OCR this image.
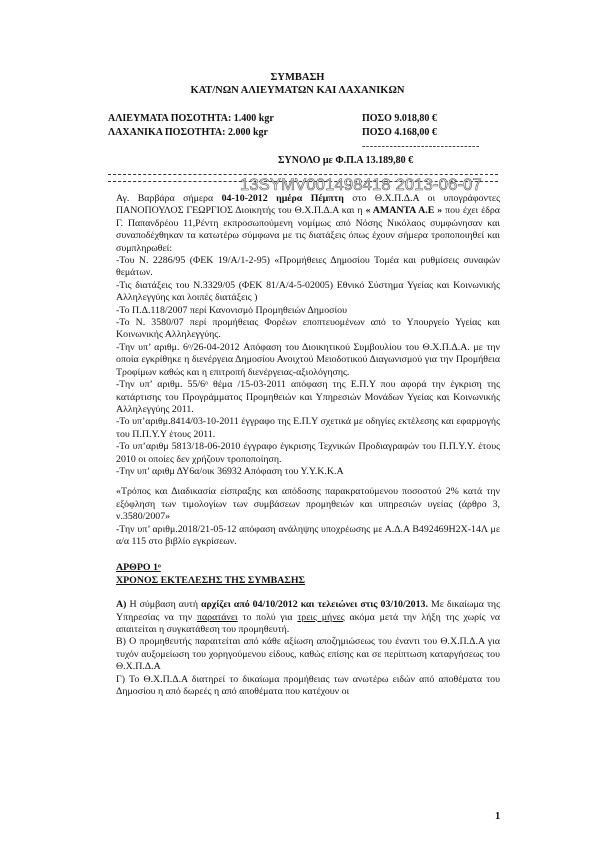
ΣΥΜΒΑΣΗ
ΚΑΤ/ΝΩΝ ΑΛΙΕΥΜΑΤΩΝ ΚΑΙ ΛΑΧΑΝΙΚΩΝ
ΑΛΙΕΥΜΑΤΑ ΠΟΣΟΤΗΤΑ: 1.400 kgr	ΠΟΣΟ 9.018,80 €
ΛΑΧΑΝΙΚΑ ΠΟΣΟΤΗΤΑ: 2.000 kgr	ΠΟΣΟ 4.168,00 €
------------------------------
ΣΥΝΟΛΟ με Φ.Π.Α 13.189,80 €
13SYMV001498418 2013-06-07

Αγ. Βαρβάρα σήμερα 04-10-2012 ημέρα Πέμπτη στο Θ.Χ.Π.Δ.Α οι υπογράφοντες ΠΑΝΟΠΟΥΛΟΣ ΓΕΩΡΓΙΟΣ Διοικητής του Θ.Χ.Π.Δ.Α και η « ΑΜΑΝΤΑ Α.Ε » που έχει έδρα Γ. Παπανδρέου 11,Ρέντη εκπροσωπούμενη νομίμως από Νόσης Νικόλαος συμφώνησαν και συναποδέχθηκαν τα κατωτέρω σύμφωνα με τις διατάξεις όπως έχουν σήμερα τροποποιηθεί και συμπληρωθεί:

-Του Ν. 2286/95 (ΦΕΚ 19/Α/1-2-95) «Προμήθειες Δημοσίου Τομέα και ρυθμίσεις συναφών θεμάτων.

-Τις διατάξεις του Ν.3329/05 (ΦΕΚ 81/Α/4-5-02005) Εθνικό Σύστημα Υγείας και Κοινωνικής Αλληλεγγύης και λοιπές διατάξεις )

-Το Π.Δ.118/2007 περί Κανονισμό Προμηθειών Δημοσίου

-Το Ν. 3580/07 περί προμήθειας Φορέων εποπτευομένων από το Υπουργείο Υγείας και Κοινωνικής Αλληλεγγύης.

-Την υπ’ αριθμ. 6ᵒ/26-04-2012 Απόφαση του Διοικητικού Συμβουλίου του Θ.Χ.Π.Δ.Α. με την οποία εγκρίθηκε η διενέργεια Δημοσίου Ανοιχτού Μειοδοτικού Διαγωνισμού για την Προμήθεια Τροφίμων καθώς και η επιτροπή διενέργειας-αξιολόγησης.

-Την υπ’ αριθμ. 55/6ᵒ θέμα /15-03-2011 απόφαση της Ε.Π.Υ που αφορά την έγκριση της κατάρτισης του Προγράμματος Προμηθειών και Υπηρεσιών Μονάδων Υγείας και Κοινωνικής Αλληλεγγύης 2011.

-Το υπ’αριθμ.8414/03-10-2011 έγγραφο της Ε.Π.Υ σχετικά με οδηγίες εκτέλεσης και εφαρμογής του Π.Π.Υ.Υ έτους 2011.

-Το υπ’αριθμ 5813/18-06-2010 έγγραφο έγκρισης Τεχνικών Προδιαγραφών του Π.Π.Υ.Υ. έτους 2010 οι οποίες δεν χρήζουν τροποποίηση.

-Την υπ’ αριθμ ΔΥ6α/οικ 36932 Απόφαση του Υ.Υ.Κ.Κ.Α

«Τρόπος και Διαδικασία είσπραξης και απόδοσης παρακρατούμενου ποσοστού 2% κατά την εξόφληση των τιμολογίων των συμβάσεων προμηθειών και υπηρεσιών υγείας (άρθρο 3, ν.3580/2007»

-Την υπ’ αριθμ.2018/21-05-12 απόφαση ανάληψης υποχρέωσης με Α.Δ.Α Β492469Η2Χ-14Λ με α/α 115 στο βιβλίο εγκρίσεων.

ΑΡΘΡΟ 1ᵒ

ΧΡΟΝΟΣ ΕΚΤΕΛΕΣΗΣ ΤΗΣ ΣΥΜΒΑΣΗΣ

Α) Η σύμβαση αυτή αρχίζει από 04/10/2012 και τελειώνει στις 03/10/2013. Με δικαίωμα της Υπηρεσίας να την παρατάνει το πολύ για τρεις μήνες ακόμα μετά την λήξη της χωρίς να απαιτείται η συγκατάθεση του προμηθευτή.

Β) Ο προμηθευτής παραιτείται από κάθε αξίωση αποζημιώσεως του έναντι του Θ.Χ.Π.Δ.Α για τυχόν αυξομείωση του χορηγούμενου είδους, καθώς επίσης και σε περίπτωση καταργήσεως του Θ.Χ.Π.Δ.Α

Γ) Το Θ.Χ.Π.Δ.Α διατηρεί το δικαίωμα προμήθειας των ανωτέρω ειδών από αποθέματα του Δημοσίου η από δωρεές η από αποθέματα που κατέχουν οι

1
